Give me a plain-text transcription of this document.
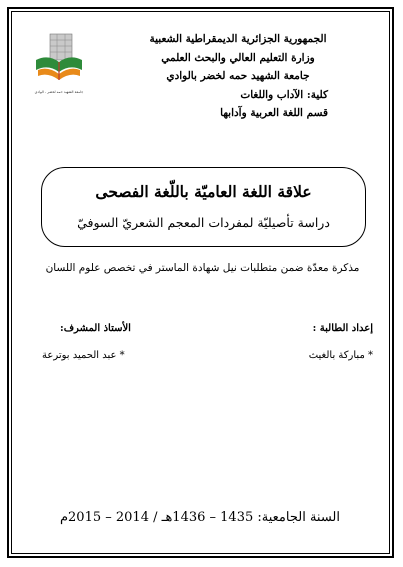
جامعة الشهيد حمه لخضر - الوادي
الجمهورية الجزائرية الديمقراطية الشعبية
وزارة التعليم العالي والبحث العلمي
جامعة الشهيد حمه لخضر بالوادي
كلية: الآداب واللغات
قسم اللغة العربية وآدابها
علاقة اللغة العاميّة باللّغة الفصحى
دراسة تأصيليّة لمفردات المعجم الشعريّ السوفيّ
مذكرة معدّة ضمن متطلبات نيل شهادة الماستر في تخصص علوم اللسان
إعداد الطالبة :
الأستاذ المشرف:
* مباركة بالغيث
* عبد الحميد بوترعة
السنة الجامعية: 1435 – 1436هـ / 2014 – 2015م
